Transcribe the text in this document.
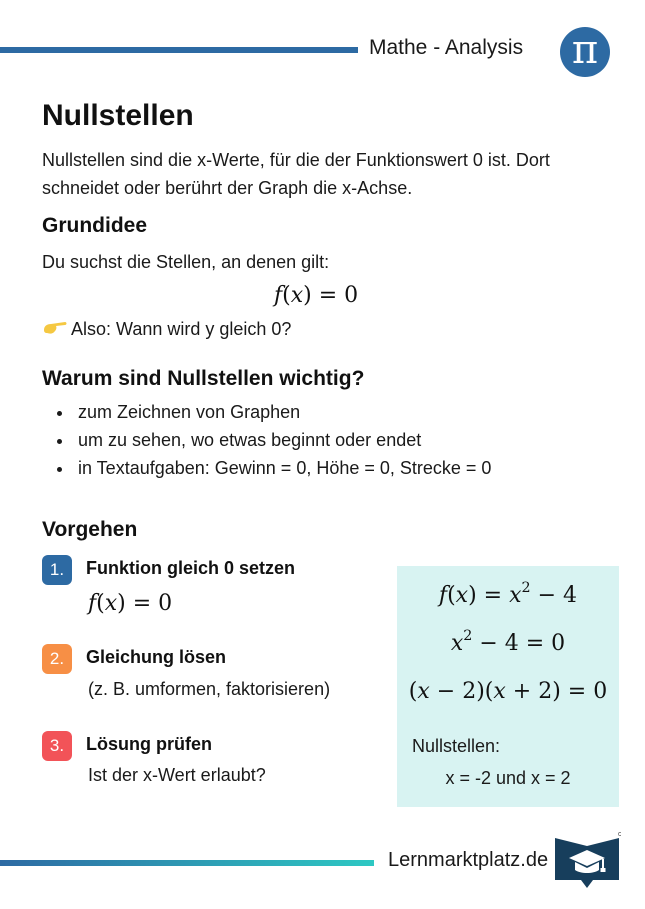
Mathe - Analysis π
Nullstellen
Nullstellen sind die x-Werte, für die der Funktionswert 0 ist. Dort schneidet oder berührt der Graph die x-Achse.
Grundidee
Du suchst die Stellen, an denen gilt:
f(x) = 0
Also: Wann wird y gleich 0?
Warum sind Nullstellen wichtig?
• zum Zeichnen von Graphen
• um zu sehen, wo etwas beginnt oder endet
• in Textaufgaben: Gewinn = 0, Höhe = 0, Strecke = 0
Vorgehen
1.	Funktion gleich 0 setzen
f(x) = 0
2.	Gleichung lösen
(z. B. umformen, faktorisieren)
3.	Lösung prüfen
Ist der x-Wert erlaubt?
$f(x) = x^2 - 4$
$x^2 - 4 = 0$
(x − 2)(x + 2) = 0
Nullstellen:
x = -2 und x = 2
Lernmarktplatz.de
